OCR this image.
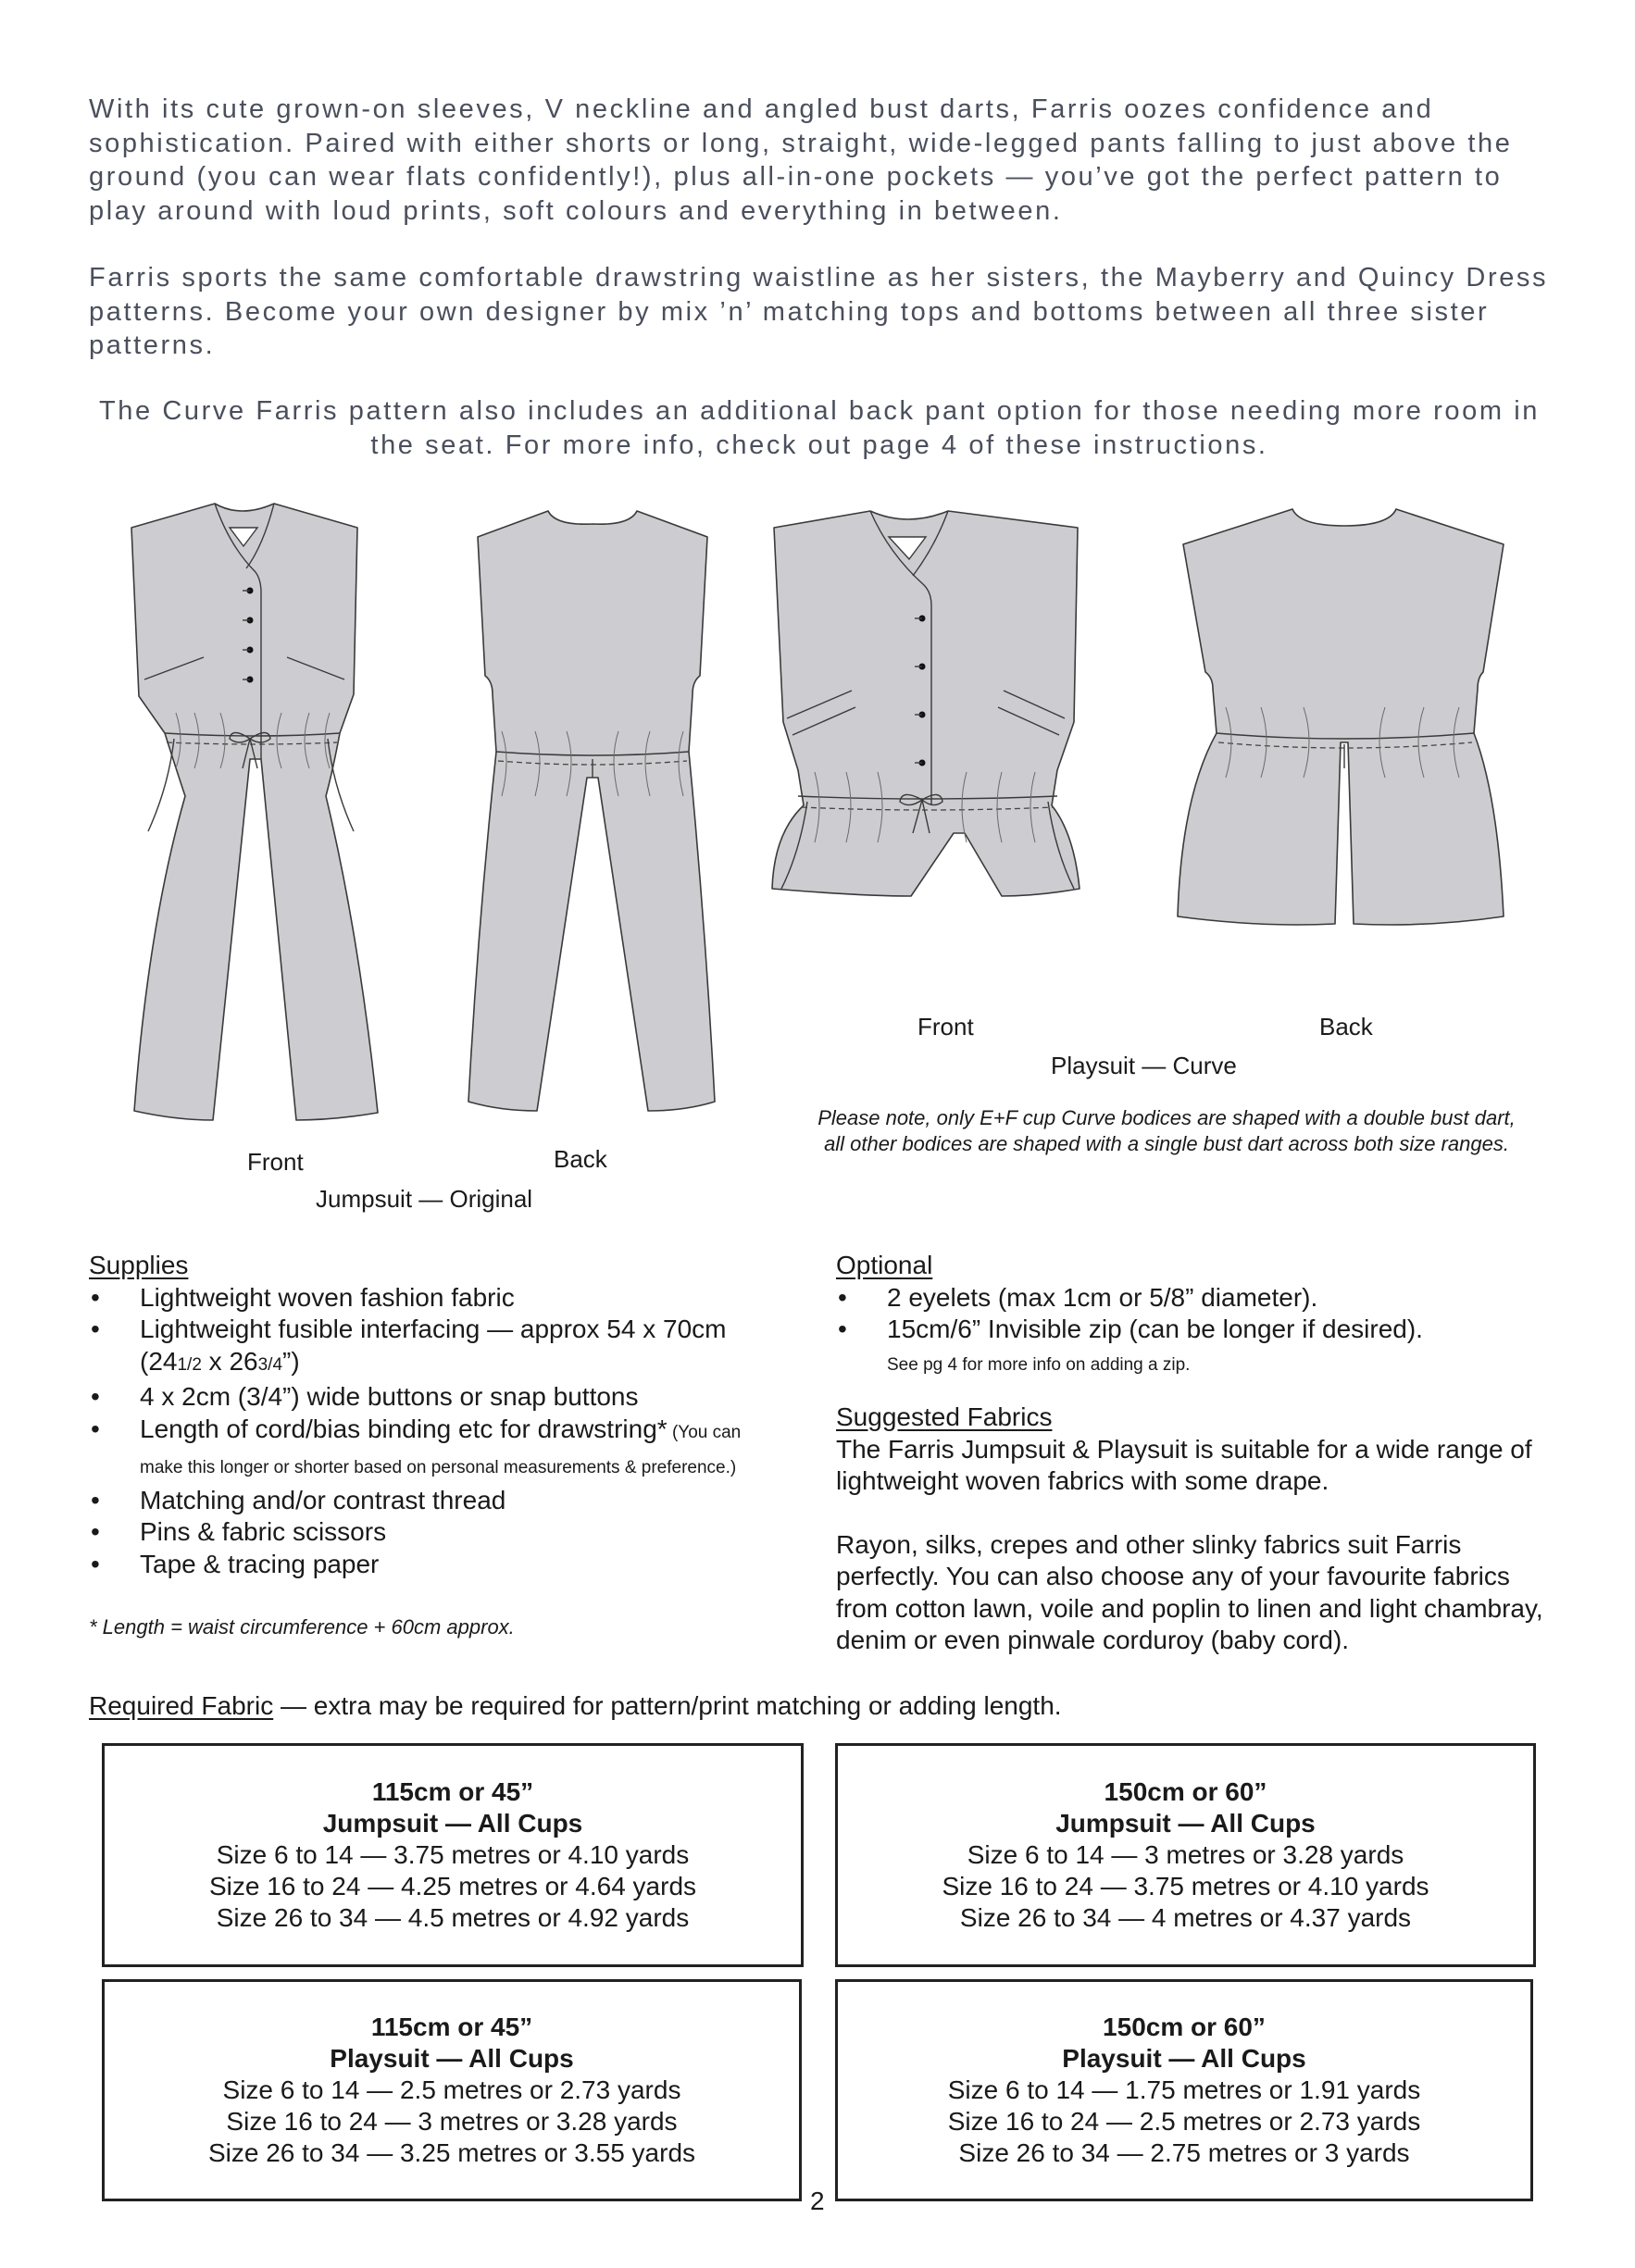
With its cute grown-on sleeves, V neckline and angled bust darts, Farris oozes confidence and sophistication. Paired with either shorts or long, straight, wide-legged pants falling to just above the ground (you can wear flats confidently!), plus all-in-one pockets — you’ve got the perfect pattern to play around with loud prints, soft colours and everything in between.

Farris sports the same comfortable drawstring waistline as her sisters, the Mayberry and Quincy Dress patterns. Become your own designer by mix ’n’ matching tops and bottoms between all three sister patterns.

The Curve Farris pattern also includes an additional back pant option for those needing more room in the seat. For more info, check out page 4 of these instructions.

Front	Back
Jumpsuit — Original
Front	Back
Playsuit — Curve
Please note, only E+F cup Curve bodices are shaped with a double bust dart,
all other bodices are shaped with a single bust dart across both size ranges.
Supplies
• Lightweight woven fashion fabric
• Lightweight fusible interfacing — approx 54 x 70cm
(241/2 x 263/4”)
• 4 x 2cm (3/4”) wide buttons or snap buttons
• Length of cord/bias binding etc for drawstring* (You can
make this longer or shorter based on personal measurements & preference.)
• Matching and/or contrast thread
• Pins & fabric scissors
• Tape & tracing paper
* Length = waist circumference + 60cm approx.
Optional
• 2 eyelets (max 1cm or 5/8” diameter).
• 15cm/6” Invisible zip (can be longer if desired).
See pg 4 for more info on adding a zip.
Suggested Fabrics
The Farris Jumpsuit & Playsuit is suitable for a wide range of lightweight woven fabrics with some drape.
Rayon, silks, crepes and other slinky fabrics suit Farris perfectly. You can also choose any of your favourite fabrics from cotton lawn, voile and poplin to linen and light chambray, denim or even pinwale corduroy (baby cord).
Required Fabric — extra may be required for pattern/print matching or adding length.
115cm or 45”
Jumpsuit — All Cups
Size 6 to 14 — 3.75 metres or 4.10 yards
Size 16 to 24 — 4.25 metres or 4.64 yards
Size 26 to 34 — 4.5 metres or 4.92 yards
150cm or 60”
Jumpsuit — All Cups
Size 6 to 14 — 3 metres or 3.28 yards
Size 16 to 24 — 3.75 metres or 4.10 yards
Size 26 to 34 — 4 metres or 4.37 yards
115cm or 45”
Playsuit — All Cups
Size 6 to 14 — 2.5 metres or 2.73 yards
Size 16 to 24 — 3 metres or 3.28 yards
Size 26 to 34 — 3.25 metres or 3.55 yards
150cm or 60”
Playsuit — All Cups
Size 6 to 14 — 1.75 metres or 1.91 yards
Size 16 to 24 — 2.5 metres or 2.73 yards
Size 26 to 34 — 2.75 metres or 3 yards
2
